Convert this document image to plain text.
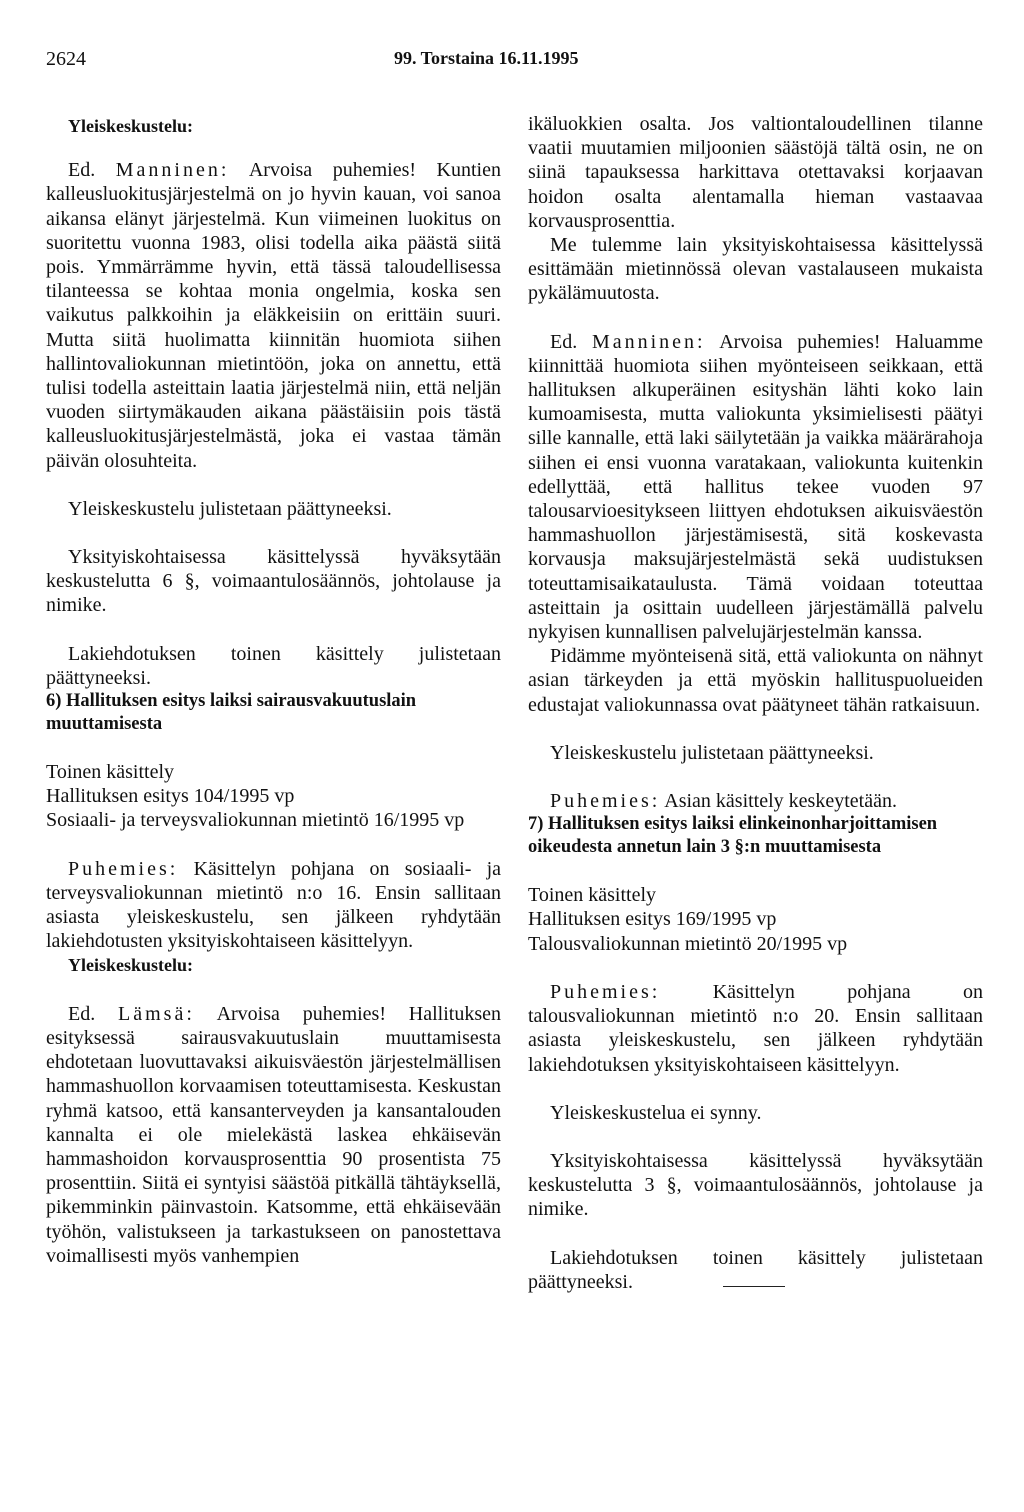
2624	99. Torstaina 16.11.1995

Yleiskeskustelu:

Ed. Manninen: Arvoisa puhemies! Kuntien kalleusluokitusjärjestelmä on jo hyvin kauan, voi sanoa aikansa elänyt järjestelmä. Kun viimeinen luokitus on suoritettu vuonna 1983, olisi todella aika päästä siitä pois. Ymmärrämme hyvin, että tässä taloudellisessa tilanteessa se kohtaa monia ongelmia, koska sen vaikutus palkkoihin ja eläkkeisiin on erittäin suuri. Mutta siitä huolimatta kiinnitän huomiota siihen hallintovaliokunnan mietintöön, joka on annettu, että tulisi todella asteittain laatia järjestelmä niin, että neljän vuoden siirtymäkauden aikana päästäisiin pois tästä kalleusluokitusjärjestelmästä, joka ei vastaa tämän päivän olosuhteita.

Yleiskeskustelu julistetaan päättyneeksi.

Yksityiskohtaisessa käsittelyssä hyväksytään keskustelutta 6 §, voimaantulosäännös, johtolause ja nimike.

Lakiehdotuksen toinen käsittely julistetaan päättyneeksi.

6) Hallituksen esitys laiksi sairausvakuutuslain muuttamisesta

Toinen käsittely
Hallituksen esitys 104/1995 vp
Sosiaali- ja terveysvaliokunnan mietintö 16/1995 vp

Puhemies: Käsittelyn pohjana on sosiaali- ja terveysvaliokunnan mietintö n:o 16. Ensin sallitaan asiasta yleiskeskustelu, sen jälkeen ryhdytään lakiehdotusten yksityiskohtaiseen käsittelyyn.

Yleiskeskustelu:

Ed. Lämsä: Arvoisa puhemies! Hallituksen esityksessä sairausvakuutuslain muuttamisesta ehdotetaan luovuttavaksi aikuisväestön järjestelmällisen hammashuollon korvaamisen toteuttamisesta. Keskustan ryhmä katsoo, että kansanterveyden ja kansantalouden kannalta ei ole mielekästä laskea ehkäisevän hammashoidon korvausprosenttia 90 prosentista 75 prosenttiin. Siitä ei syntyisi säästöä pitkällä tähtäyksellä, pikemminkin päinvastoin. Katsomme, että ehkäisevään työhön, valistukseen ja tarkastukseen on panostettava voimallisesti myös vanhempien

ikäluokkien osalta. Jos valtiontaloudellinen tilanne vaatii muutamien miljoonien säästöjä tältä osin, ne on siinä tapauksessa harkittava otettavaksi korjaavan hoidon osalta alentamalla hieman vastaavaa korvausprosenttia.

Me tulemme lain yksityiskohtaisessa käsittelyssä esittämään mietinnössä olevan vastalauseen mukaista pykälämuutosta.

Ed. Manninen: Arvoisa puhemies! Haluamme kiinnittää huomiota siihen myönteiseen seikkaan, että hallituksen alkuperäinen esityshän lähti koko lain kumoamisesta, mutta valiokunta yksimielisesti päätyi sille kannalle, että laki säilytetään ja vaikka määrärahoja siihen ei ensi vuonna varatakaan, valiokunta kuitenkin edellyttää, että hallitus tekee vuoden 97 talousarvioesitykseen liittyen ehdotuksen aikuisväestön hammashuollon järjestämisestä, sitä koskevasta korvausja maksujärjestelmästä sekä uudistuksen toteuttamisaikataulusta. Tämä voidaan toteuttaa asteittain ja osittain uudelleen järjestämällä palvelu nykyisen kunnallisen palvelujärjestelmän kanssa.

Pidämme myönteisenä sitä, että valiokunta on nähnyt asian tärkeyden ja että myöskin hallituspuolueiden edustajat valiokunnassa ovat päätyneet tähän ratkaisuun.

Yleiskeskustelu julistetaan päättyneeksi.

Puhemies: Asian käsittely keskeytetään.

7) Hallituksen esitys laiksi elinkeinonharjoittamisen oikeudesta annetun lain 3 §:n muuttamisesta

Toinen käsittely
Hallituksen esitys 169/1995 vp
Talousvaliokunnan mietintö 20/1995 vp

Puhemies:	Käsittelyn pohjana on talousvaliokunnan mietintö n:o 20. Ensin sallitaan asiasta yleiskeskustelu, sen jälkeen ryhdytään lakiehdotuksen yksityiskohtaiseen käsittelyyn.

Yleiskeskustelua ei synny.

Yksityiskohtaisessa käsittelyssä hyväksytään keskustelutta 3 §, voimaantulosäännös, johtolause ja nimike.

Lakiehdotuksen toinen käsittely julistetaan päättyneeksi.
